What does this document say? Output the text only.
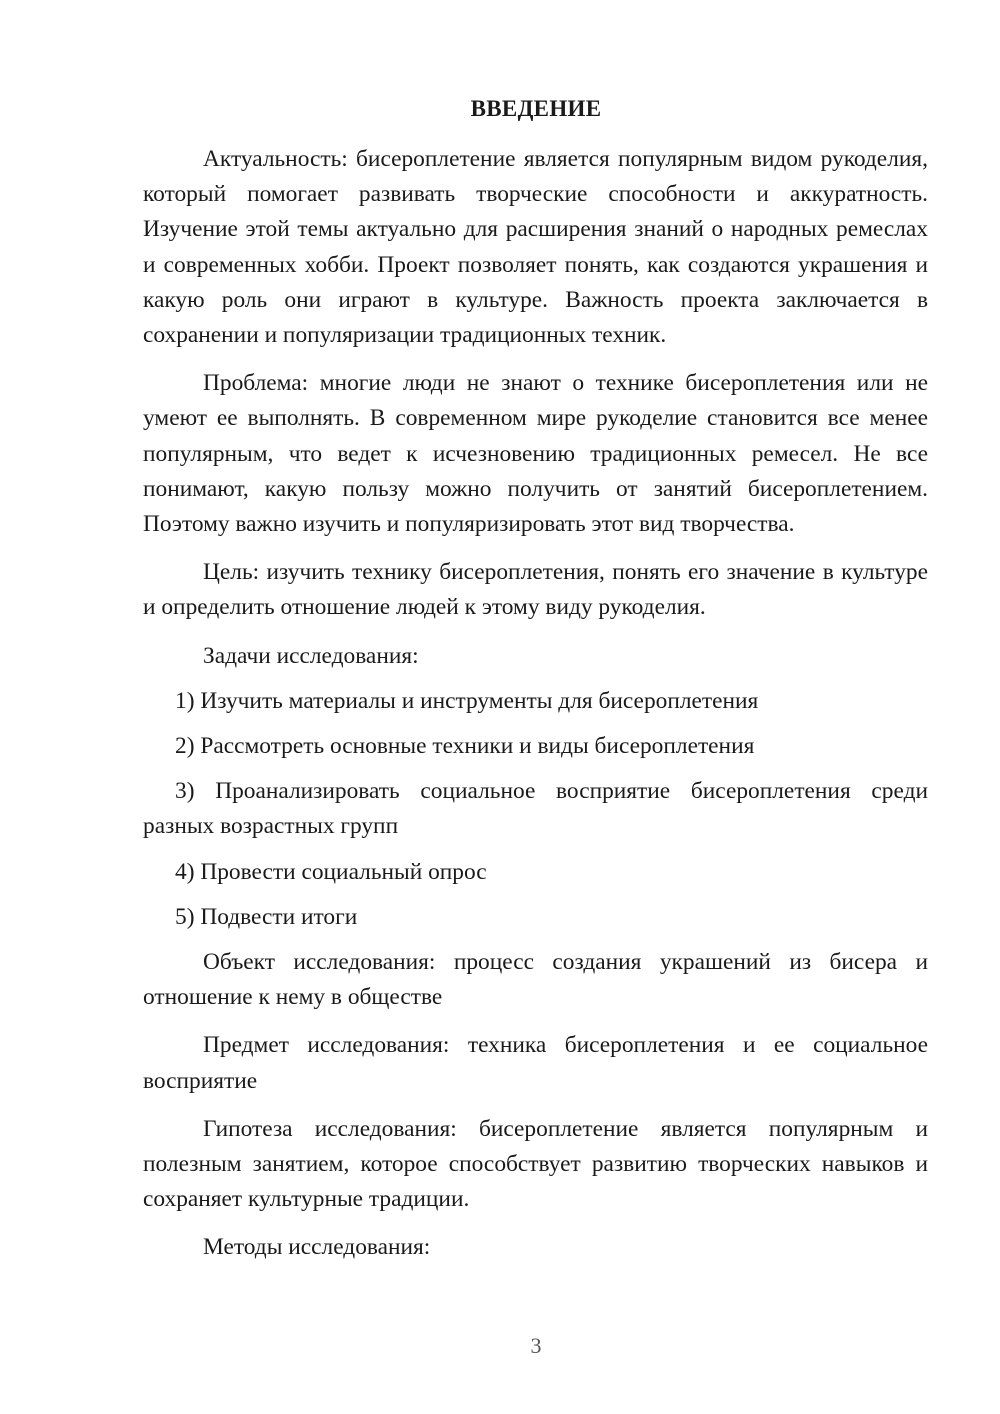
ВВЕДЕНИЕ

Актуальность: бисероплетение является популярным видом рукоделия, который помогает развивать творческие способности и аккуратность. Изучение этой темы актуально для расширения знаний о народных ремеслах и современных хобби. Проект позволяет понять, как создаются украшения и какую роль они играют в культуре. Важность проекта заключается в сохранении и популяризации традиционных техник.

Проблема: многие люди не знают о технике бисероплетения или не умеют ее выполнять. В современном мире рукоделие становится все менее популярным, что ведет к исчезновению традиционных ремесел. Не все понимают, какую пользу можно получить от занятий бисероплетением. Поэтому важно изучить и популяризировать этот вид творчества.

Цель: изучить технику бисероплетения, понять его значение в культуре и определить отношение людей к этому виду рукоделия.

Задачи исследования:

1) Изучить материалы и инструменты для бисероплетения

2) Рассмотреть основные техники и виды бисероплетения

3) Проанализировать социальное восприятие бисероплетения среди разных возрастных групп

4) Провести социальный опрос

5) Подвести итоги

Объект исследования: процесс создания украшений из бисера и отношение к нему в обществе

Предмет исследования: техника бисероплетения и ее социальное восприятие

Гипотеза исследования: бисероплетение является популярным и полезным занятием, которое способствует развитию творческих навыков и сохраняет культурные традиции.

Методы исследования:

3
